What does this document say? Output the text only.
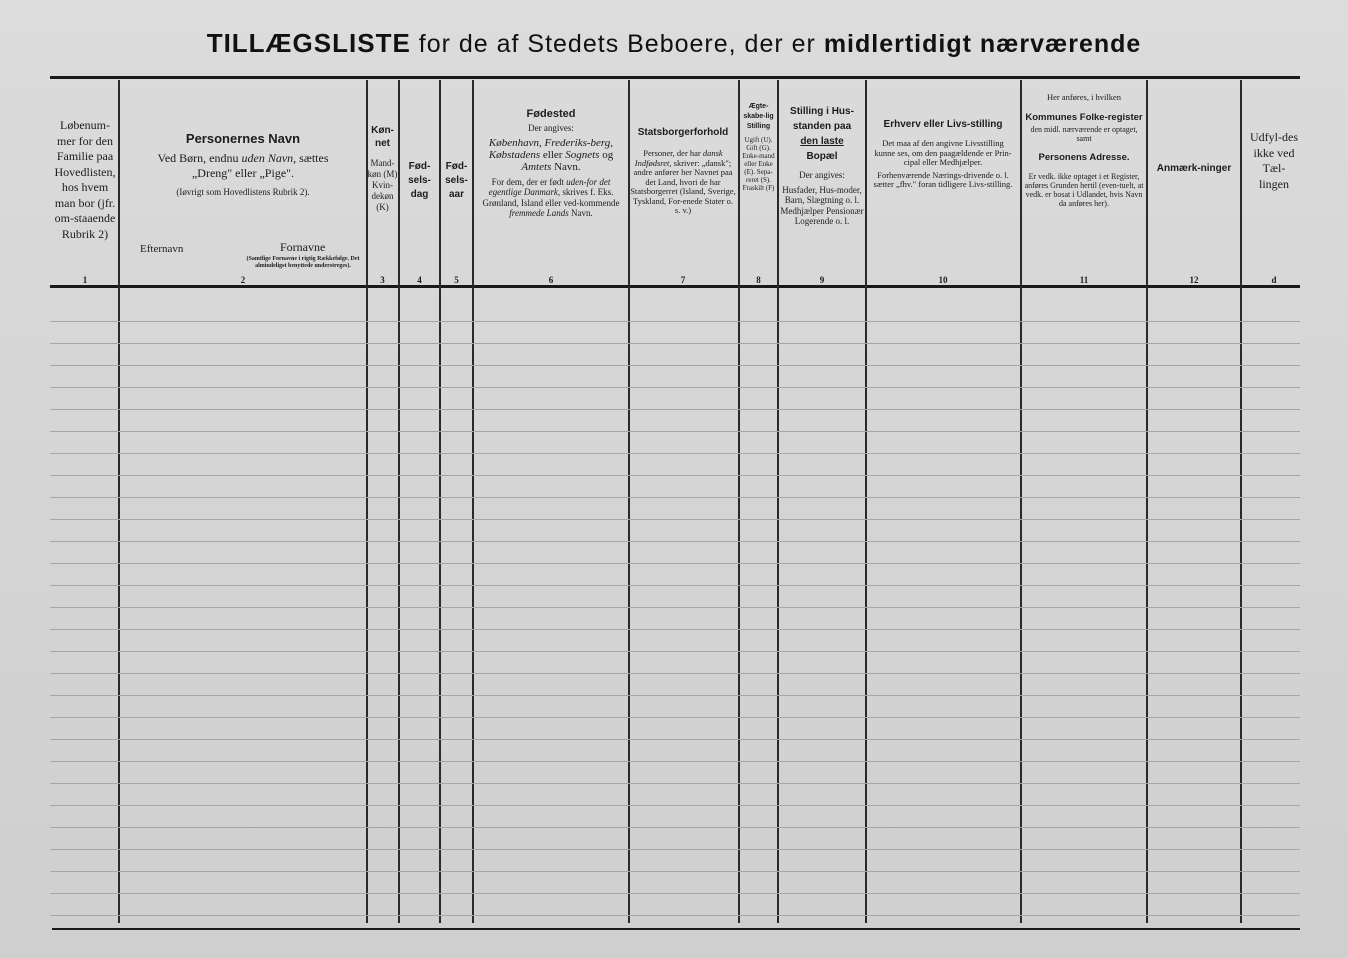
TILLÆGSLISTE for de af Stedets Beboere, der er midlertidigt nærværende
Løbenum-mer for den Familie paa Hovedlisten, hos hvem man bor (jfr. om-staaende Rubrik 2)
1
Personernes Navn
Ved Børn, endnu uden Navn, sættes
„Dreng" eller „Pige".
(Iøvrigt som Hovedlistens Rubrik 2).
Efternavn	Fornavne
(Samtlige Fornavne i rigtig Rækkefølge. Det almindeligst benyttede understreges).
2
Køn-net
Mand-køn (M) Kvin-dekøn (K)
3
Fød-sels-dag
4
Fød-sels-aar
5
Fødested
Der angives:
København, Frederiks-berg, Købstadens eller Sognets og Amtets Navn.
For dem, der er født uden-for det egentlige Danmark, skrives f. Eks.
Grønland, Island eller ved-kommende fremmede Lands Navn.
6
Statsborgerforhold
Personer, der har dansk Indfødsret, skriver: „dansk"; andre anfører her Navnet paa det Land, hvori de har Statsborgerret (Island, Sverige, Tyskland, For-enede Stater o. s. v.)
7
Ægte-skabe-lig Stilling
Ugift (U). Gift (G). Enke-mand eller Enke (E). Sepa-reret (S). Fraskilt (F)
8
Stilling i Hus-standen paa
den laste
Bopæl
Der angives:
Husfader, Hus-moder, Barn, Slægtning o. l. Medhjælper Pensionær Logerende o. l.
9
Erhverv eller Livs-stilling
Det maa af den angivne Livsstilling kunne ses, om den paagældende er Prin-cipal eller Medhjælper.
Forhenværende Nærings-drivende o. l. sætter „fhv." foran tidligere Livs-stilling.
10
Her anføres, i hvilken
Kommunes Folke-register
den midl. nærværende er optaget, samt
Personens Adresse.
Er vedk. ikke optaget i et Register, anføres Grunden hertil (even-tuelt, at vedk. er bosat i Udlandet, hvis Navn da anføres her).
11
Anmærk-ninger
12
Udfyl-des ikke ved Tæl-lingen
d
